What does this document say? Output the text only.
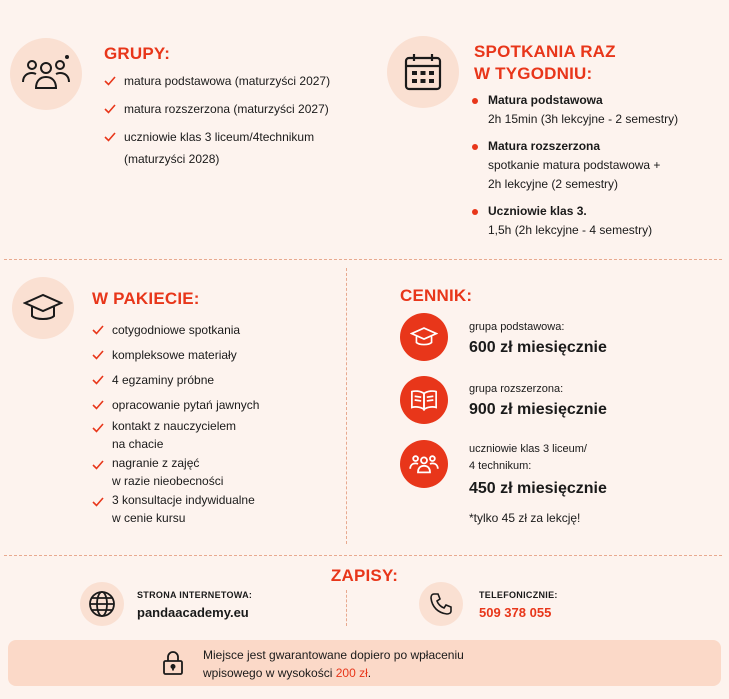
GRUPY:
matura podstawowa (maturzyści 2027)
matura rozszerzona (maturzyści 2027)
uczniowie klas 3 liceum/4technikum
(maturzyści 2028)
SPOTKANIA RAZ
W TYGODNIU:
Matura podstawowa
2h 15min (3h lekcyjne - 2 semestry)
Matura rozszerzona
spotkanie matura podstawowa +
2h lekcyjne (2 semestry)
Uczniowie klas 3.
1,5h (2h lekcyjne - 4 semestry)
W PAKIECIE:
cotygodniowe spotkania
kompleksowe materiały
4 egzaminy próbne
opracowanie pytań jawnych
kontakt z nauczycielem
na chacie
nagranie z zajęć
w razie nieobecności
3 konsultacje indywidualne
w cenie kursu
CENNIK:
grupa podstawowa:
600 zł miesięcznie
grupa rozszerzona:
900 zł miesięcznie
uczniowie klas 3 liceum/
4 technikum:
450 zł miesięcznie
*tylko 45 zł za lekcję!
ZAPISY:
STRONA INTERNETOWA:
pandaacademy.eu
TELEFONICZNIE:
509 378 055
Miejsce jest gwarantowane dopiero po wpłaceniu
wpisowego w wysokości 200 zł.
